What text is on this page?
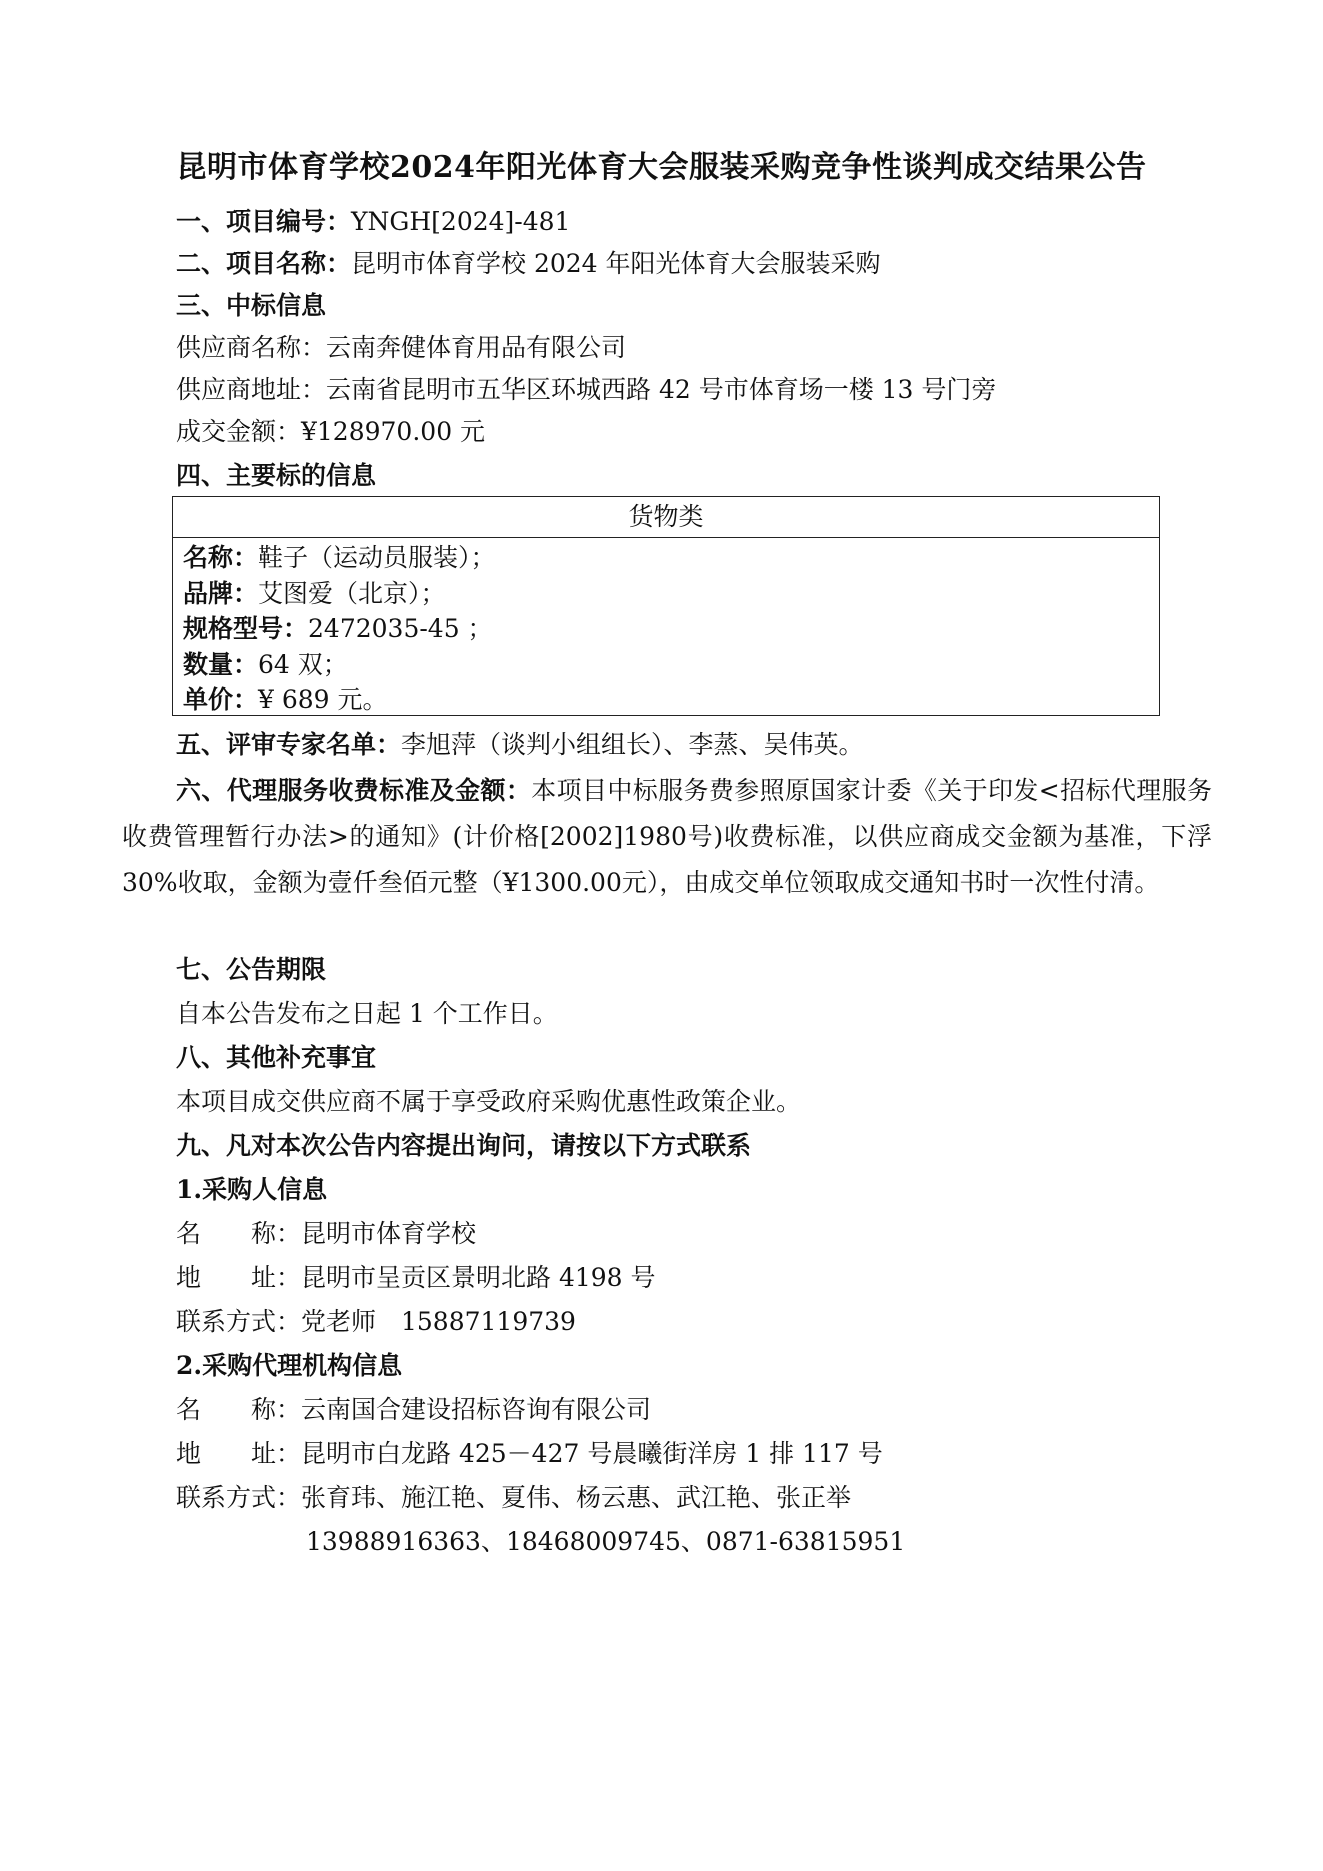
昆明市体育学校2024年阳光体育大会服装采购竞争性谈判成交结果公告
一、项目编号：YNGH[2024]-481
二、项目名称：昆明市体育学校 2024 年阳光体育大会服装采购
三、中标信息
供应商名称：云南奔健体育用品有限公司
供应商地址：云南省昆明市五华区环城西路 42 号市体育场一楼 13 号门旁
成交金额：¥128970.00 元
四、主要标的信息
货物类
名称：鞋子（运动员服装）；
品牌：艾图爱（北京）；
规格型号：2472035-45 ；
数量：64 双；
单价：¥ 689 元。
五、评审专家名单：李旭萍（谈判小组组长）、李蒸、吴伟英。
六、代理服务收费标准及金额：本项目中标服务费参照原国家计委《关于印发<招标代理服务收费管理暂行办法>的通知》(计价格[2002]1980号)收费标准，以供应商成交金额为基准，下浮30%收取，金额为壹仟叁佰元整（¥1300.00元），由成交单位领取成交通知书时一次性付清。
七、公告期限
自本公告发布之日起 1 个工作日。
八、其他补充事宜
本项目成交供应商不属于享受政府采购优惠性政策企业。
九、凡对本次公告内容提出询问，请按以下方式联系
1.采购人信息
名　　称：昆明市体育学校
地　　址：昆明市呈贡区景明北路 4198 号
联系方式：党老师　15887119739
2.采购代理机构信息
名　　称：云南国合建设招标咨询有限公司
地　　址：昆明市白龙路 425－427 号晨曦街洋房 1 排 117 号
联系方式：张育玮、施江艳、夏伟、杨云惠、武江艳、张正举
13988916363、18468009745、0871-63815951
